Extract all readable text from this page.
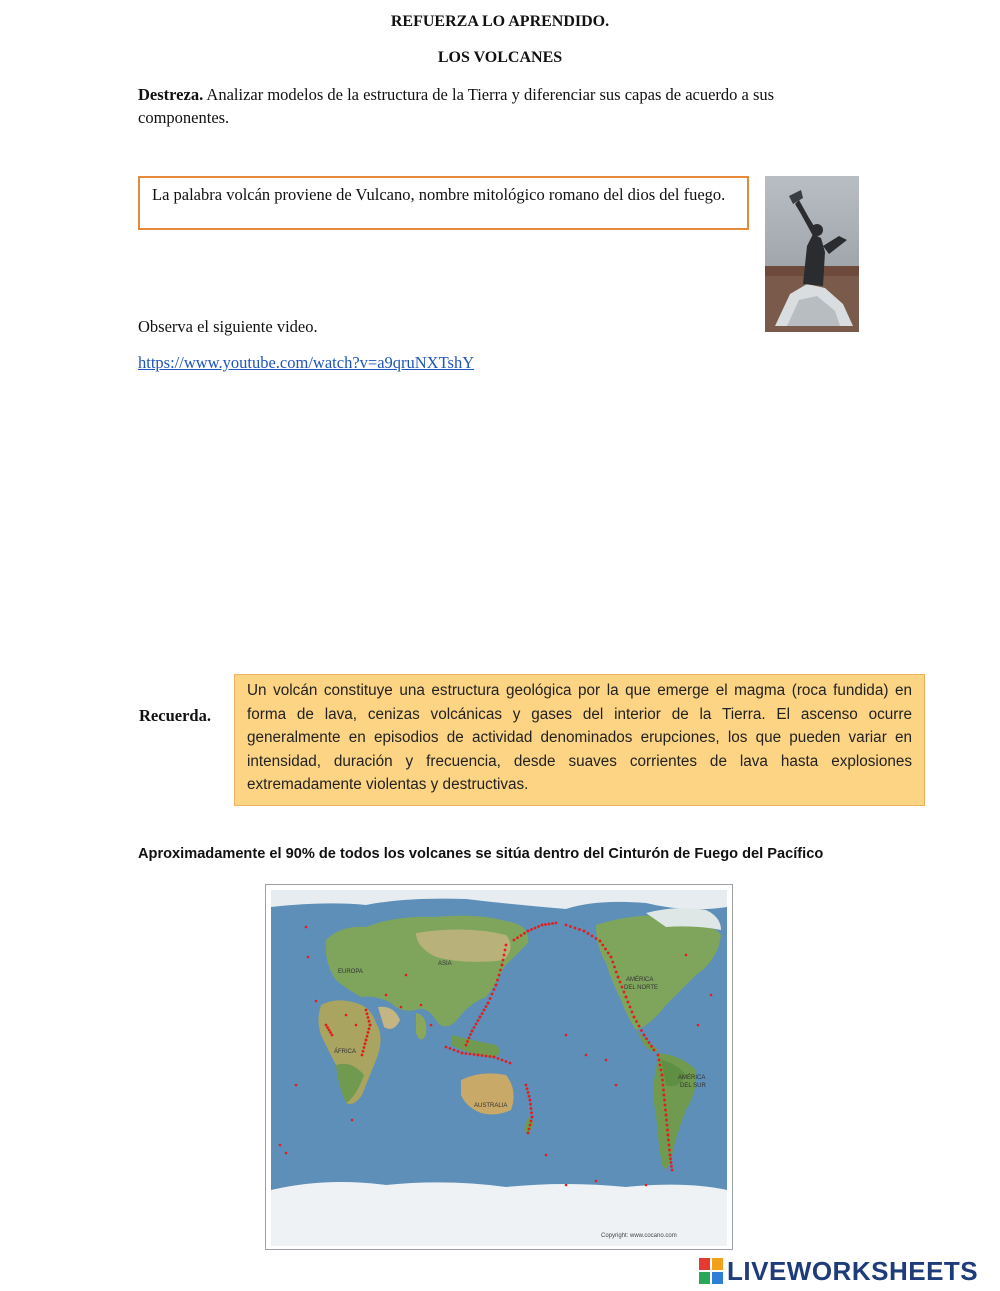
REFUERZA LO APRENDIDO.
LOS VOLCANES
Destreza. Analizar modelos de la estructura de la Tierra y diferenciar sus capas de acuerdo a sus
componentes.
La palabra volcán proviene de Vulcano, nombre mitológico romano del dios del fuego.
Observa el siguiente video.
https://www.youtube.com/watch?v=a9qruNXTshY
Recuerda.
Un volcán constituye una estructura geológica por la que emerge el magma (roca fundida) en forma de lava, cenizas volcánicas y gases del interior de la Tierra. El ascenso ocurre generalmente en episodios de actividad denominados erupciones, los que pueden variar en intensidad, duración y frecuencia, desde suaves corrientes de lava hasta explosiones extremadamente violentas y destructivas.
Aproximadamente el 90% de todos los volcanes se sitúa dentro del Cinturón de Fuego del Pacífico
EUROPA
ASIA
ÁFRICA
AUSTRALIA
AMÉRICA
DEL NORTE
AMÉRICA
DEL SUR
Copyright: www.cocano.com
LIVEWORKSHEETS
